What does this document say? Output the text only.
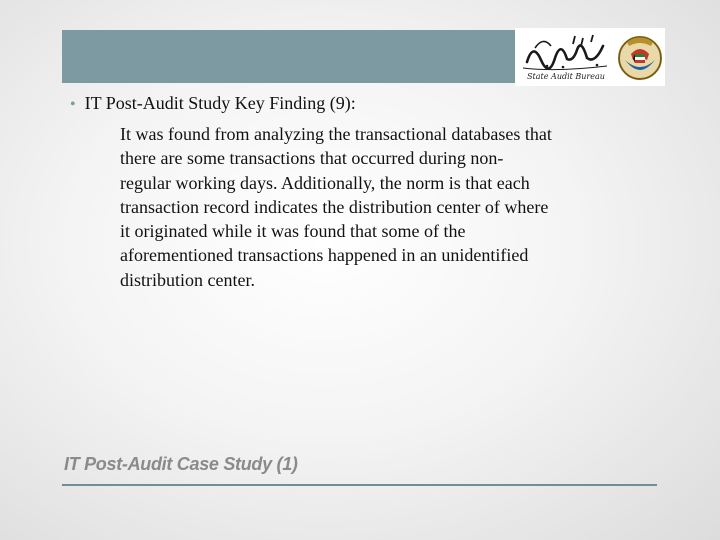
State Audit Bureau
• IT Post-Audit Study Key Finding (9):
It was found from analyzing the transactional databases that
there are some transactions that occurred during non-
regular working days. Additionally, the norm is that each
transaction record indicates the distribution center of where
it originated while it was found that some of the
aforementioned transactions happened in an unidentified
distribution center.
IT Post-Audit Case Study (1)
